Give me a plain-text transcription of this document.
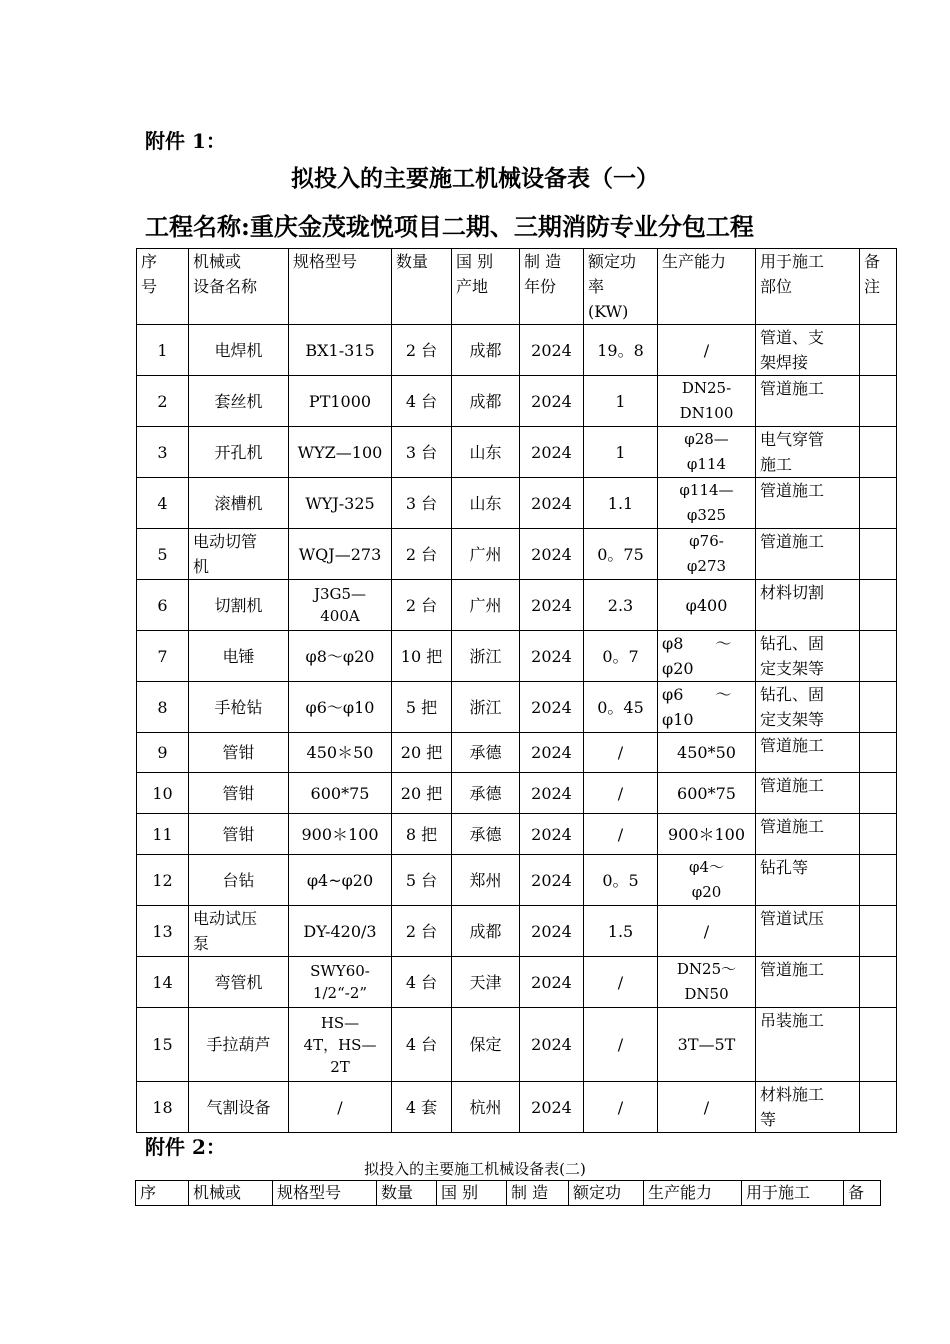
附件 1：
拟投入的主要施工机械设备表（一）
工程名称:重庆金茂珑悦项目二期、三期消防专业分包工程
序
号	机械或
设备名称	规格型号	数量	国 别
产地	制 造
年份	额定功
率
(KW)	生产能力	用于施工
部位	备
注
1	电焊机	BX1-315	2 台	成都	2024	19。8	/	管道、支
架焊接	
2	套丝机	PT1000	4 台	成都	2024	1	DN25-
DN100	管道施工	
3	开孔机	WYZ—100	3 台	山东	2024	1	φ28—
φ114	电气穿管
施工	
4	滚槽机	WYJ-325	3 台	山东	2024	1.1	φ114—
φ325	管道施工	
5	电动切管
机	WQJ—273	2 台	广州	2024	0。75	φ76-
φ273	管道施工	
6	切割机	J3G5—
400A	2 台	广州	2024	2.3	φ400	材料切割	
7	电锤	φ8～φ20	10 把	浙江	2024	0。7	φ8　　～
φ20	钻孔、固
定支架等	
8	手枪钻	φ6～φ10	5 把	浙江	2024	0。45	φ6　　～
φ10	钻孔、固
定支架等	
9	管钳	450＊50	20 把	承德	2024	/	450*50	管道施工	
10	管钳	600*75	20 把	承德	2024	/	600*75	管道施工	
11	管钳	900＊100	8 把	承德	2024	/	900＊100	管道施工	
12	台钻	φ4~φ20	5 台	郑州	2024	0。5	φ4～
φ20	钻孔等	
13	电动试压
泵	DY-420/3	2 台	成都	2024	1.5	/	管道试压	
14	弯管机	SWY60-
1/2“-2”	4 台	天津	2024	/	DN25～
DN50	管道施工	
15	手拉葫芦	HS—
4T，HS—
2T	4 台	保定	2024	/	3T—5T	吊装施工	
18	气割设备	/	4 套	杭州	2024	/	/	材料施工
等	
附件 2：
拟投入的主要施工机械设备表(二)
序	机械或	规格型号	数量	国 别	制 造	额定功	生产能力	用于施工	备
